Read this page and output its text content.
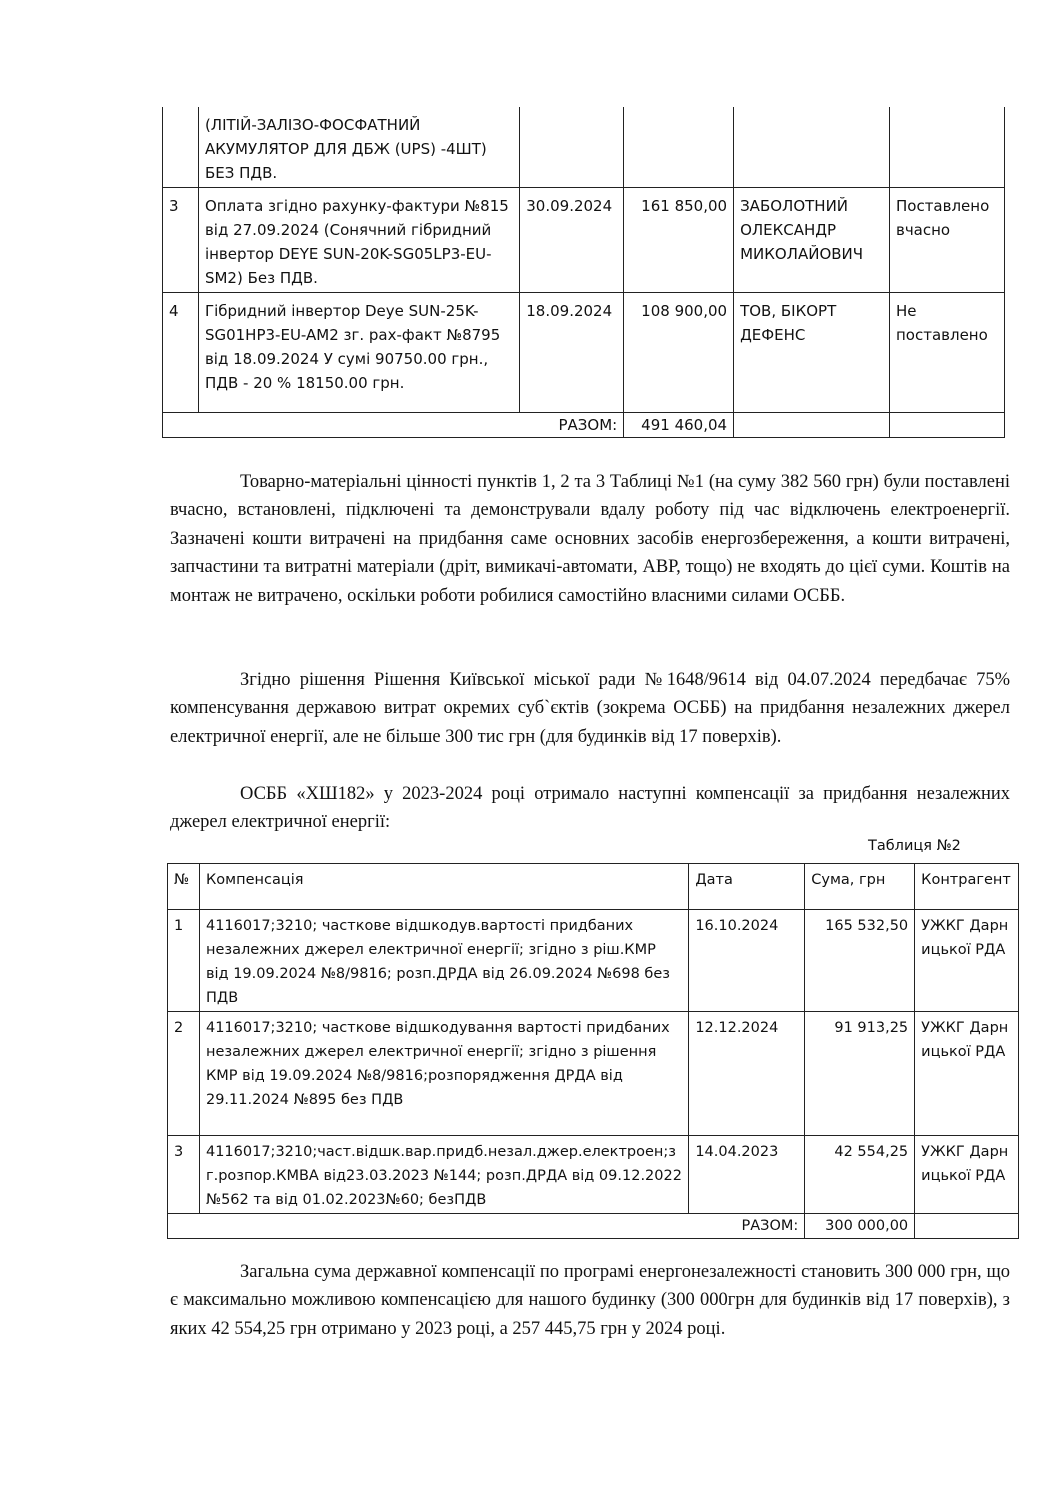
	(ЛІТІЙ-ЗАЛІЗО-ФОСФАТНИЙ АКУМУЛЯТОР ДЛЯ ДБЖ (UPS) -4ШТ) БЕЗ ПДВ.				
3	Оплата згідно рахунку-фактури №815 від 27.09.2024 (Сонячний гібридний інвертор DEYE SUN-20K-SG05LP3-EU-SM2) Без ПДВ.	30.09.2024	161 850,00	ЗАБОЛОТНИЙ ОЛЕКСАНДР МИКОЛАЙОВИЧ	Поставлено вчасно
4	Гібридний інвертор Deye SUN-25K-SG01HP3-EU-AM2 зг. рах-факт №8795 від 18.09.2024 У сумі 90750.00 грн., ПДВ - 20 % 18150.00 грн.	18.09.2024	108 900,00	ТОВ, БІКОРТ ДЕФЕНС	Не поставлено
РАЗОМ:			491 460,04		

Товарно-матеріальні цінності пунктів 1, 2 та 3 Таблиці №1 (на суму 382 560 грн) були поставлені вчасно, встановлені, підключені та демонстрували вдалу роботу під час відключень електроенергії. Зазначені кошти витрачені на придбання саме основних засобів енергозбереження, а кошти витрачені, запчастини та витратні матеріали (дріт, вимикачі-автомати, АВР, тощо) не входять до цієї суми. Коштів на монтаж не витрачено, оскільки роботи робилися самостійно власними силами ОСББ.

Згідно рішення Рішення Київської міської ради №1648/9614 від 04.07.2024 передбачає 75% компенсування державою витрат окремих суб`єктів (зокрема ОСББ) на придбання незалежних джерел електричної енергії, але не більше 300 тис грн (для будинків від 17 поверхів).

ОСББ «ХШ182» у 2023-2024 році отримало наступні компенсації за придбання незалежних джерел електричної енергії:

Таблиця №2
№	Компенсація	Дата	Сума, грн	Контрагент
1	4116017;3210; часткове відшкодув.вартості придбаних незалежних джерел електричної енергії; згідно з ріш.КМР від 19.09.2024 №8/9816; розп.ДРДА від 26.09.2024 №698 без ПДВ	16.10.2024	165 532,50	УЖКГ Дарницької РДА
2	4116017;3210; часткове відшкодування вартості придбаних незалежних джерел електричної енергії; згідно з рішення КМР від 19.09.2024 №8/9816;розпорядження ДРДА від 29.11.2024 №895 без ПДВ	12.12.2024	91 913,25	УЖКГ Дарницької РДА
3	4116017;3210;част.відшк.вар.придб.незал.джер.електроен;зг.розпор.КМВА від23.03.2023 №144; розп.ДРДА від 09.12.2022 №562 та від 01.02.2023№60; безПДВ	14.04.2023	42 554,25	УЖКГ Дарницької РДА
РАЗОМ:			300 000,00	

Загальна сума державної компенсації по програмі енергонезалежності становить 300 000 грн, що є максимально можливою компенсацією для нашого будинку (300 000грн для будинків від 17 поверхів), з яких 42 554,25 грн отримано у 2023 році, а 257 445,75 грн у 2024 році.
